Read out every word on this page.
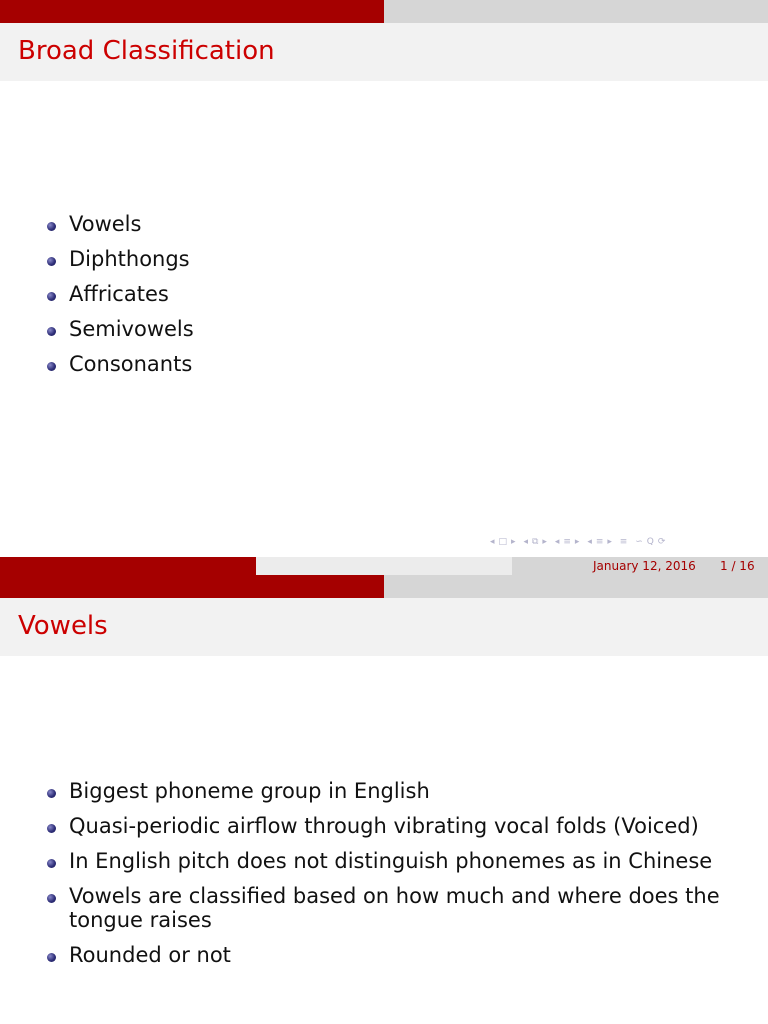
Broad Classification
Vowels
Diphthongs
Affricates
Semivowels
Consonants
◂ □ ▸ ◂ ⧉ ▸ ◂ ≡ ▸ ◂ ≡ ▸ ≡ ∽ Q ⟳
January 12, 2016 1 / 16
Vowels
Biggest phoneme group in English
Quasi-periodic airflow through vibrating vocal folds (Voiced)
In English pitch does not distinguish phonemes as in Chinese
Vowels are classified based on how much and where does the tongue raises
Rounded or not
